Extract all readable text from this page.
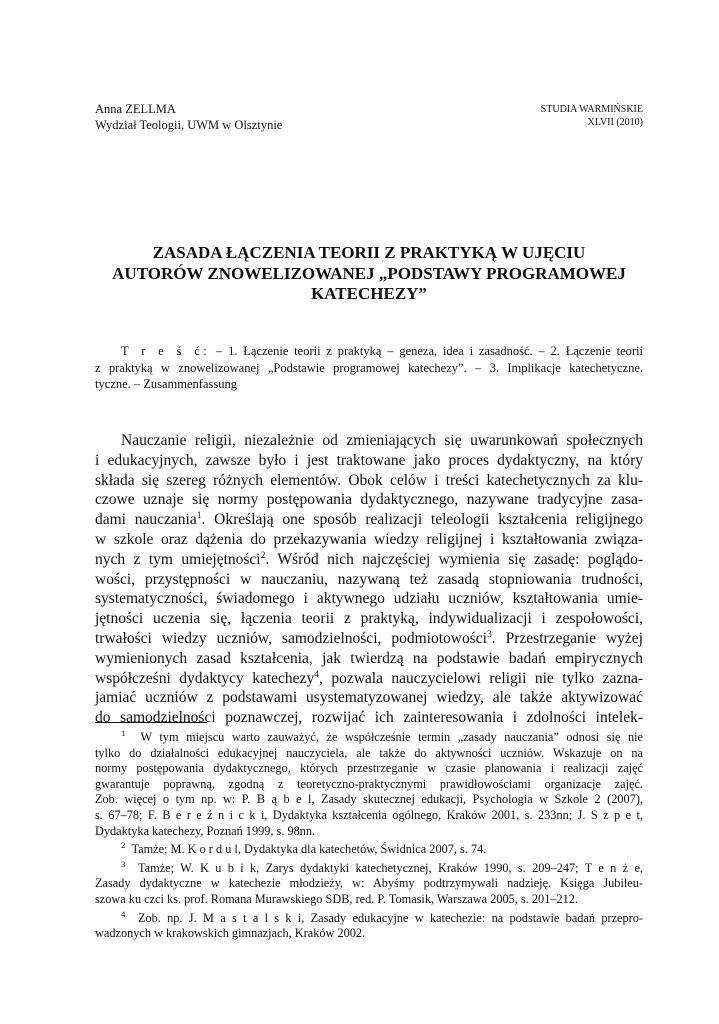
Anna ZELLMA
Wydział Teologii, UWM w Olsztynie
STUDIA WARMIŃSKIE
XLVII (2010)
ZASADA ŁĄCZENIA TEORII Z PRAKTYKĄ W UJĘCIU
AUTORÓW ZNOWELIZOWANEJ „PODSTAWY PROGRAMOWEJ
KATECHEZY”
T r e ś ć: – 1. Łączenie teorii z praktyką – geneza, idea i zasadność. – 2. Łączenie teorii
z praktyką w znowelizowanej „Podstawie programowej katechezy”. – 3. Implikacje katechetyczne.
tyczne. – Zusammenfassung
Nauczanie religii, niezależnie od zmieniających się uwarunkowań społecznych
i edukacyjnych, zawsze było i jest traktowane jako proces dydaktyczny, na który
składa się szereg różnych elementów. Obok celów i treści katechetycznych za klu-
czowe uznaje się normy postępowania dydaktycznego, nazywane tradycyjne zasa-
dami nauczania$^1$. Określają one sposób realizacji teleologii kształcenia religijnego
w szkole oraz dążenia do przekazywania wiedzy religijnej i kształtowania związa-
nych z tym umiejętności$^2$. Wśród nich najczęściej wymienia się zasadę: poglądo-
wości, przystępności w nauczaniu, nazywaną też zasadą stopniowania trudności,
systematyczności, świadomego i aktywnego udziału uczniów, kształtowania umie-
jętności uczenia się, łączenia teorii z praktyką, indywidualizacji i zespołowości,
trwałości wiedzy uczniów, samodzielności, podmiotowości$^3$. Przestrzeganie wyżej
wymienionych zasad kształcenia, jak twierdzą na podstawie badań empirycznych
współcześni dydaktycy katechezy$^4$, pozwala nauczycielowi religii nie tylko zazna-
jamiać uczniów z podstawami usystematyzowanej wiedzy, ale także aktywizować
do samodzielności poznawczej, rozwijać ich zainteresowania i zdolności intelek-
$^1$ W tym miejscu warto zauważyć, że współcześnie termin „zasady nauczania” odnosi się nie
tylko do działalności edukacyjnej nauczyciela, ale także do aktywności uczniów. Wskazuje on na
normy postępowania dydaktycznego, których przestrzeganie w czasie planowania i realizacji zajęć
gwarantuje poprawną, zgodną z teoretyczno-praktycznymi prawidłowościami organizacje zajęć.
Zob. więcej o tym np. w: P. B ą b e l, Zasady skutecznej edukacji, Psychologia w Szkole 2 (2007),
s. 67–78; F. B e r e ź n i c k i, Dydaktyka kształcenia ogólnego, Kraków 2001, s. 233nn; J. S z p e t,
Dydaktyka katechezy, Poznań 1999, s. 98nn.
$^2$ Tamże; M. K o r d u l, Dydaktyka dla katechetów, Świdnica 2007, s. 74.
$^3$ Tamże; W. K u b i k, Zarys dydaktyki katechetycznej, Kraków 1990, s. 209–247; T e n ż e,
Zasady dydaktyczne w katechezie młodzieży, w: Abyśmy podtrzymywali nadzieję. Księga Jubileu-
szowa ku czci ks. prof. Romana Murawskiego SDB, red. P. Tomasik, Warszawa 2005, s. 201–212.
$^4$ Zob. np. J. M a s t a l s k i, Zasady edukacyjne w katechezie: na podstawie badań przepro-
wadzonych w krakowskich gimnazjach, Kraków 2002.
